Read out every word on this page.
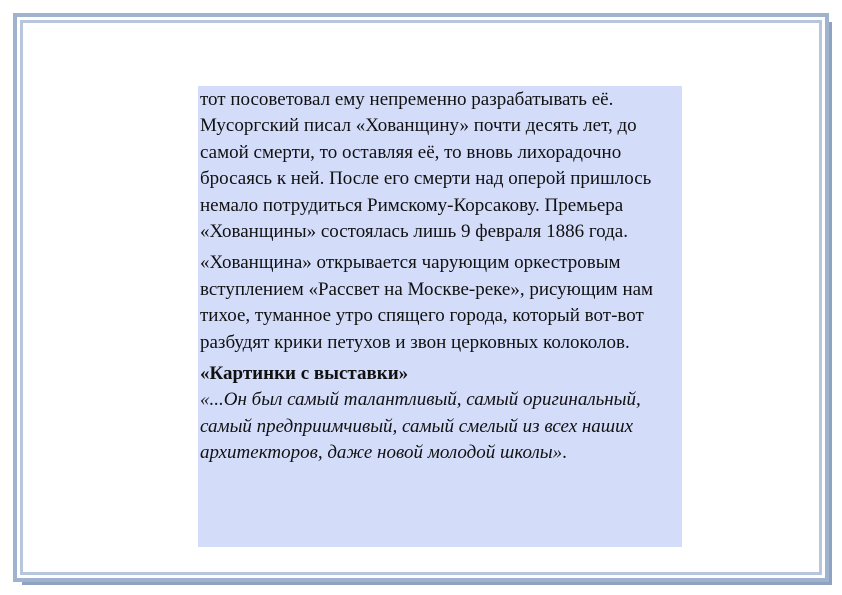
тот посоветовал ему непременно разрабатывать её. Мусоргский писал «Хованщину» почти десять лет, до самой смерти, то оставляя её, то вновь лихорадочно бросаясь к ней. После его смерти над оперой пришлось немало потрудиться Римскому-Корсакову. Премьера «Хованщины» состоялась лишь 9 февраля 1886 года.

«Хованщина» открывается чарующим оркестровым вступлением «Рассвет на Москве-реке», рисующим нам тихое, туманное утро спящего города, который вот-вот разбудят крики петухов и звон церковных колоколов.

«Картинки с выставки»

«...Он был самый талантливый, самый оригинальный, самый предприимчивый, самый смелый из всех наших архитекторов, даже новой молодой школы».
